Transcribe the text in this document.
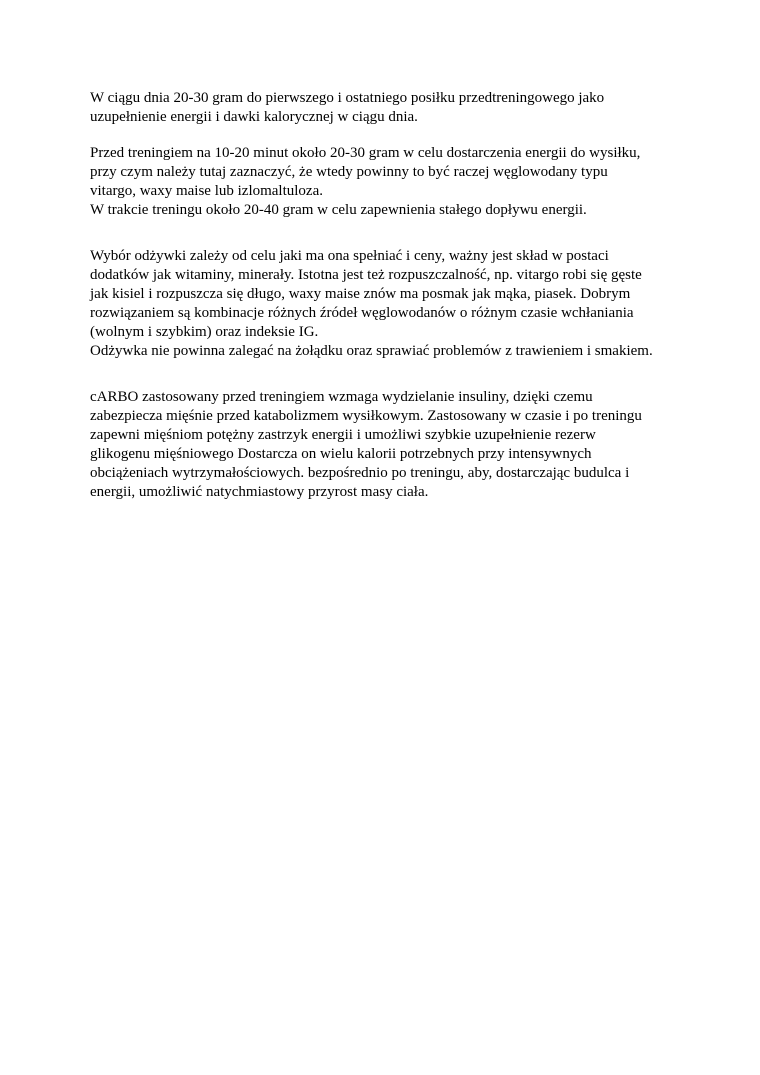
W ciągu dnia 20-30 gram do pierwszego i ostatniego posiłku przedtreningowego jako
uzupełnienie energii i dawki kalorycznej w ciągu dnia.
Przed treningiem na 10-20 minut około 20-30 gram w celu dostarczenia energii do wysiłku,
przy czym należy tutaj zaznaczyć, że wtedy powinny to być raczej węglowodany typu
vitargo, waxy maise lub izlomaltuloza.
W trakcie treningu około 20-40 gram w celu zapewnienia stałego dopływu energii.
Wybór odżywki zależy od celu jaki ma ona spełniać i ceny, ważny jest skład w postaci
dodatków jak witaminy, minerały. Istotna jest też rozpuszczalność, np. vitargo robi się gęste
jak kisiel i rozpuszcza się długo, waxy maise znów ma posmak jak mąka, piasek. Dobrym
rozwiązaniem są kombinacje różnych źródeł węglowodanów o różnym czasie wchłaniania
(wolnym i szybkim) oraz indeksie IG.
Odżywka nie powinna zalegać na żołądku oraz sprawiać problemów z trawieniem i smakiem.
cARBO zastosowany przed treningiem wzmaga wydzielanie insuliny, dzięki czemu
zabezpiecza mięśnie przed katabolizmem wysiłkowym. Zastosowany w czasie i po treningu
zapewni mięśniom potężny zastrzyk energii i umożliwi szybkie uzupełnienie rezerw
glikogenu mięśniowego Dostarcza on wielu kalorii potrzebnych przy intensywnych
obciążeniach wytrzymałościowych. bezpośrednio po treningu, aby, dostarczając budulca i
energii, umożliwić natychmiastowy przyrost masy ciała.
